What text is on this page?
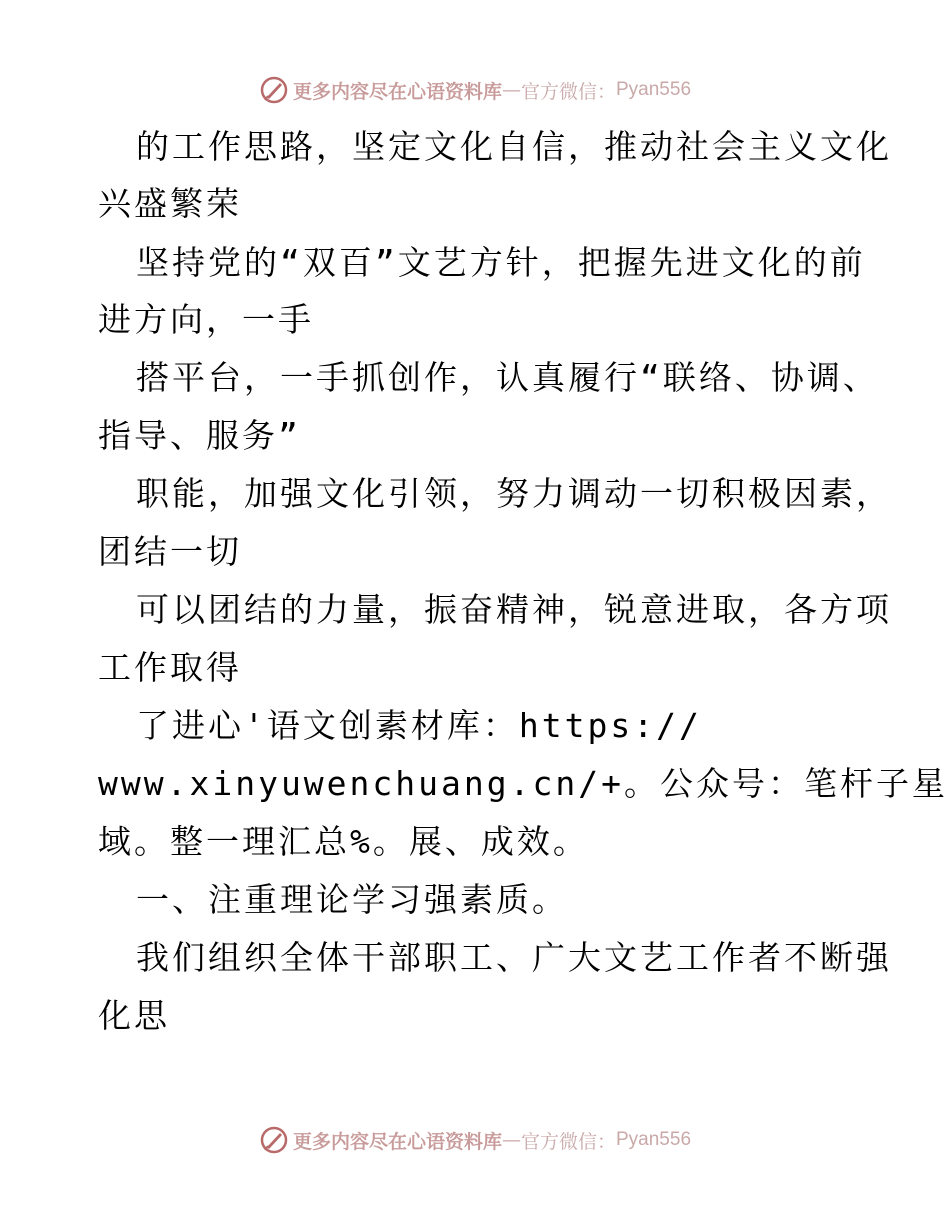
更多内容尽在心语资料库 — 官方微信： Pyan556
的工作思路，坚定文化自信，推动社会主义文化
兴盛繁荣
坚持党的“双百”文艺方针，把握先进文化的前
进方向，一手
搭平台，一手抓创作，认真履行“联络、协调、
指导、服务”
职能，加强文化引领，努力调动一切积极因素，
团结一切
可以团结的力量，振奋精神，锐意进取，各方项
工作取得
了进心'语文创素材库：https://
www.xinyuwenchuang.cn/+。公众号：笔杆子星
域。整一理汇总%。展、成效。
一、注重理论学习强素质。
我们组织全体干部职工、广大文艺工作者不断强
化思
更多内容尽在心语资料库 — 官方微信： Pyan556
